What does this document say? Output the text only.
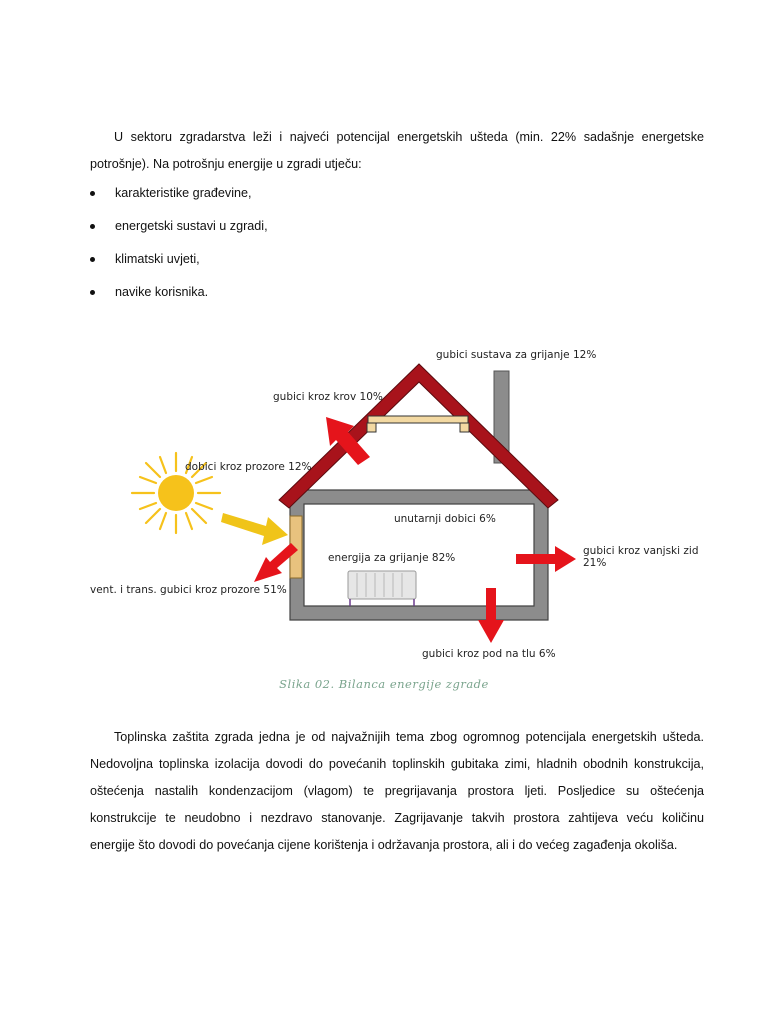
U sektoru zgradarstva leži i najveći potencijal energetskih ušteda (min. 22% sadašnje energetske
potrošnje). Na potrošnju energije u zgradi utječu:
karakteristike građevine,
energetski sustavi u zgradi,
klimatski uvjeti,
navike korisnika.
gubici sustava za grijanje 12%
gubici kroz krov 10%
dobici kroz prozore 12%
unutarnji dobici 6%
energija za grijanje 82%
gubici kroz vanjski zid
21%
vent. i trans. gubici kroz prozore 51%
gubici kroz pod na tlu 6%
Slika 02. Bilanca energije zgrade
Toplinska zaštita zgrada jedna je od najvažnijih tema zbog ogromnog potencijala energetskih ušteda.
Nedovoljna toplinska izolacija dovodi do povećanih toplinskih gubitaka zimi, hladnih obodnih konstrukcija,
oštećenja nastalih kondenzacijom (vlagom) te pregrijavanja prostora ljeti. Posljedice su oštećenja
konstrukcije te neudobno i nezdravo stanovanje. Zagrijavanje takvih prostora zahtijeva veću količinu
energije što dovodi do povećanja cijene korištenja i održavanja prostora, ali i do većeg zagađenja okoliša.
